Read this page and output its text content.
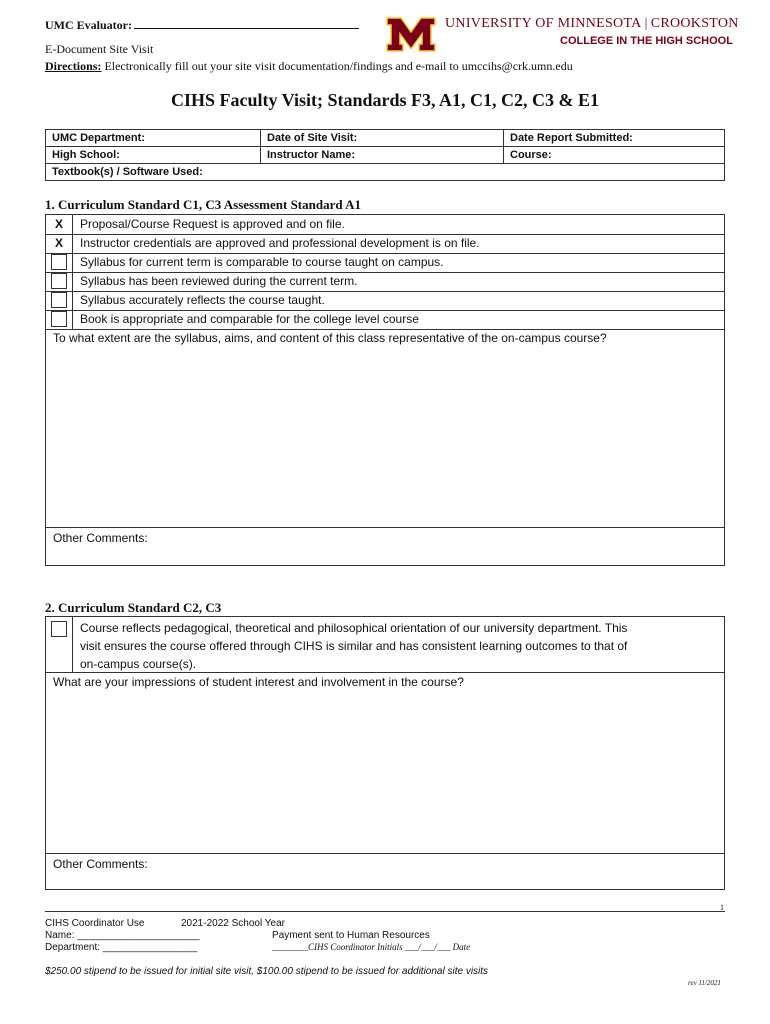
UMC Evaluator:
E-Document Site Visit
Directions: Electronically fill out your site visit documentation/findings and e-mail to umccihs@crk.umn.edu
UNIVERSITY OF MINNESOTA | CROOKSTON
COLLEGE IN THE HIGH SCHOOL
CIHS Faculty Visit; Standards F3, A1, C1, C2, C3 & E1
UMC Department:	Date of Site Visit:	Date Report Submitted:
High School:	Instructor Name:	Course:
Textbook(s) / Software Used:		
1. Curriculum Standard C1, C3 Assessment Standard A1
X	Proposal/Course Request is approved and on file.
X	Instructor credentials are approved and professional development is on file.
Syllabus for current term is comparable to course taught on campus.
Syllabus has been reviewed during the current term.
Syllabus accurately reflects the course taught.
Book is appropriate and comparable for the college level course
To what extent are the syllabus, aims, and content of this class representative of the on-campus course?
Other Comments:
2. Curriculum Standard C2, C3
Course reflects pedagogical, theoretical and philosophical orientation of our university department. This
visit ensures the course offered through CIHS is similar and has consistent learning outcomes to that of
on-campus course(s).
What are your impressions of student interest and involvement in the course?
Other Comments:
1
CIHS Coordinator Use	2021-2022 School Year
Name: ______________________	Payment sent to Human Resources
Department: _________________	________CIHS Coordinator Initials ___/___/___ Date
$250.00 stipend to be issued for initial site visit, $100.00 stipend to be issued for additional site visits
rev 11/2021
